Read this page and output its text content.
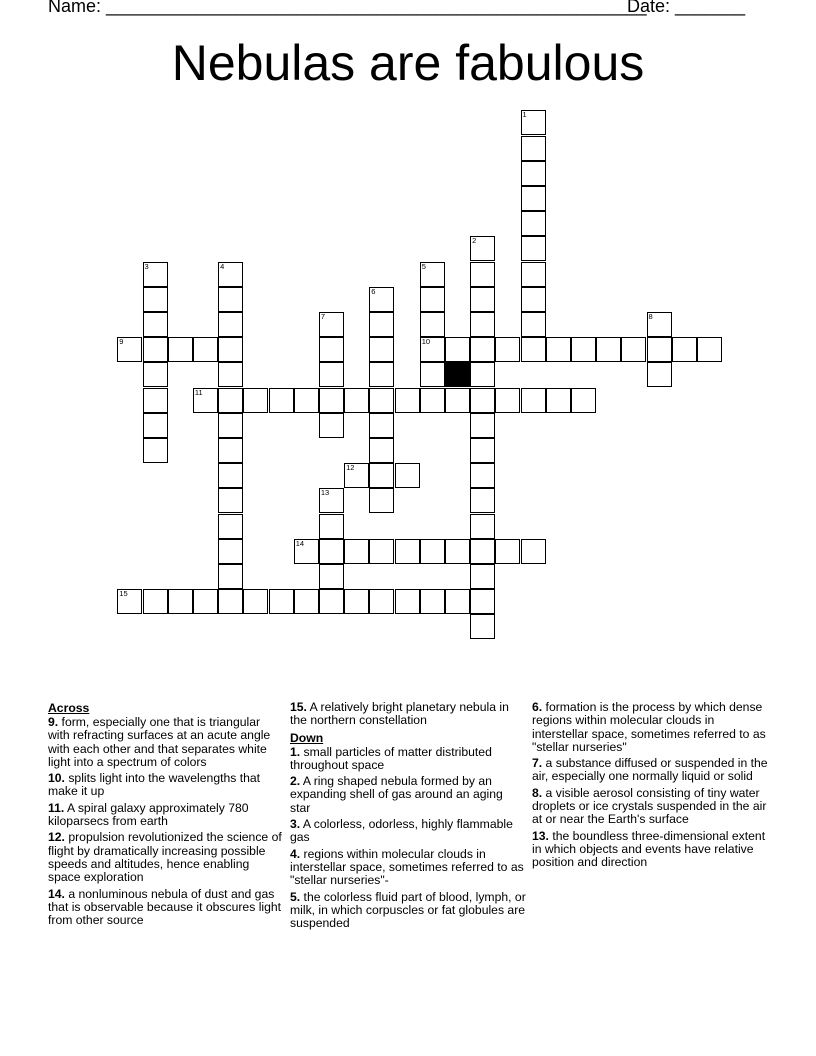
Name: ______________________________________________________
Date: _______
Nebulas are fabulous
1
2
3	4	5
10
6
7	8
9
11
12
13
14
15
Across
9. form, especially one that is triangular with refracting surfaces at an acute angle with each other and that separates white light into a spectrum of colors
10. splits light into the wavelengths that make it up
11. A spiral galaxy approximately 780 kiloparsecs from earth
12. propulsion revolutionized the science of flight by dramatically increasing possible speeds and altitudes, hence enabling space exploration
14. a nonluminous nebula of dust and gas that is observable because it obscures light from other source
15. A relatively bright planetary nebula in the northern constellation
Down
1. small particles of matter distributed throughout space
2. A ring shaped nebula formed by an expanding shell of gas around an aging star
3. A colorless, odorless, highly flammable gas
4. regions within molecular clouds in interstellar space, sometimes referred to as "stellar nurseries"-
5. the colorless fluid part of blood, lymph, or milk, in which corpuscles or fat globules are suspended
6. formation is the process by which dense regions within molecular clouds in interstellar space, sometimes referred to as "stellar nurseries"
7. a substance diffused or suspended in the air, especially one normally liquid or solid
8. a visible aerosol consisting of tiny water droplets or ice crystals suspended in the air at or near the Earth's surface
13. the boundless three-dimensional extent in which objects and events have relative position and direction
